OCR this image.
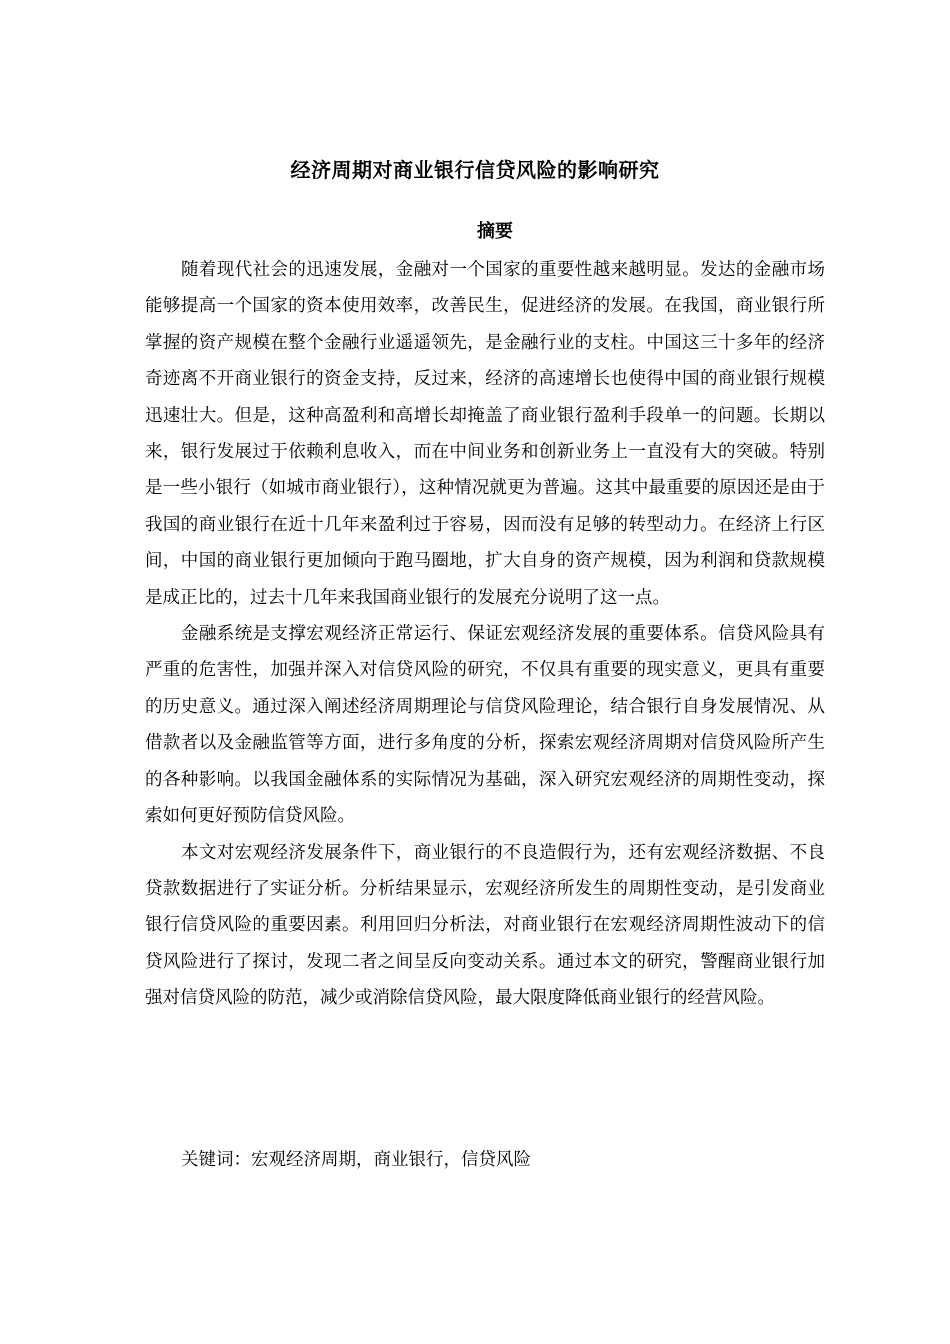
经济周期对商业银行信贷风险的影响研究
摘要

随着现代社会的迅速发展，金融对一个国家的重要性越来越明显。发达的金融市场能够提高一个国家的资本使用效率，改善民生，促进经济的发展。在我国，商业银行所掌握的资产规模在整个金融行业遥遥领先，是金融行业的支柱。中国这三十多年的经济奇迹离不开商业银行的资金支持，反过来，经济的高速增长也使得中国的商业银行规模迅速壮大。但是，这种高盈利和高增长却掩盖了商业银行盈利手段单一的问题。长期以来，银行发展过于依赖利息收入，而在中间业务和创新业务上一直没有大的突破。特别是一些小银行（如城市商业银行），这种情况就更为普遍。这其中最重要的原因还是由于我国的商业银行在近十几年来盈利过于容易，因而没有足够的转型动力。在经济上行区间，中国的商业银行更加倾向于跑马圈地，扩大自身的资产规模，因为利润和贷款规模是成正比的，过去十几年来我国商业银行的发展充分说明了这一点。

金融系统是支撑宏观经济正常运行、保证宏观经济发展的重要体系。信贷风险具有严重的危害性，加强并深入对信贷风险的研究，不仅具有重要的现实意义，更具有重要的历史意义。通过深入阐述经济周期理论与信贷风险理论，结合银行自身发展情况、从借款者以及金融监管等方面，进行多角度的分析，探索宏观经济周期对信贷风险所产生的各种影响。以我国金融体系的实际情况为基础，深入研究宏观经济的周期性变动，探索如何更好预防信贷风险。

本文对宏观经济发展条件下，商业银行的不良造假行为，还有宏观经济数据、不良贷款数据进行了实证分析。分析结果显示，宏观经济所发生的周期性变动，是引发商业银行信贷风险的重要因素。利用回归分析法，对商业银行在宏观经济周期性波动下的信贷风险进行了探讨，发现二者之间呈反向变动关系。通过本文的研究，警醒商业银行加强对信贷风险的防范，减少或消除信贷风险，最大限度降低商业银行的经营风险。

关键词：宏观经济周期，商业银行，信贷风险
